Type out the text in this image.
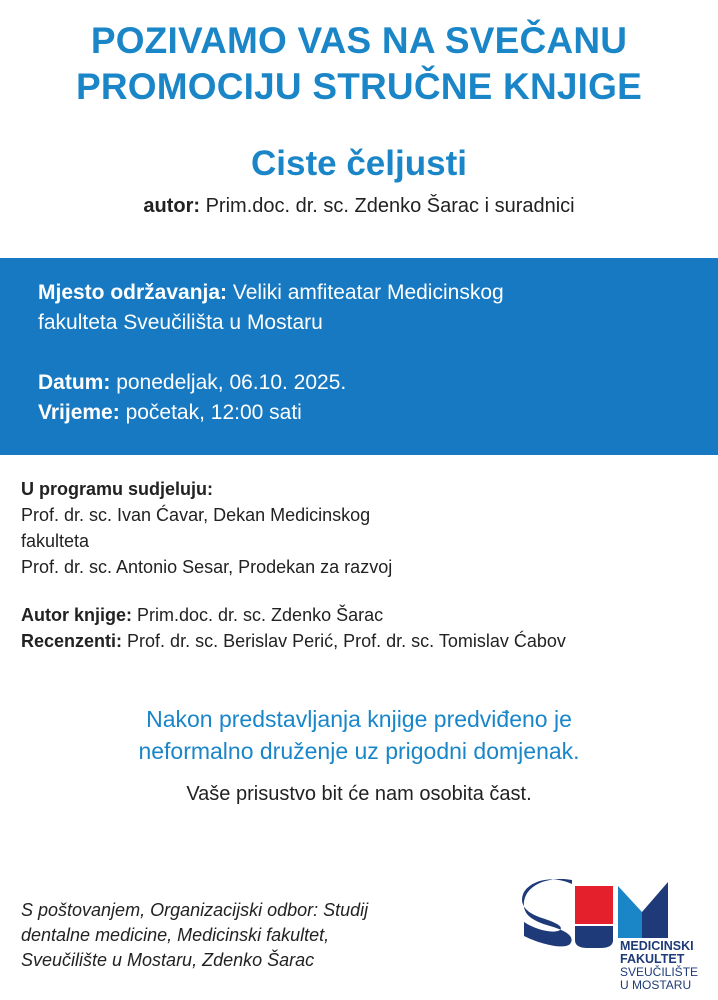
POZIVAMO VAS NA SVEČANU
PROMOCIJU STRUČNE KNJIGE
Ciste čeljusti
autor: Prim.doc. dr. sc. Zdenko Šarac i suradnici
Mjesto održavanja: Veliki amfiteatar Medicinskog
fakulteta Sveučilišta u Mostaru
Datum: ponedeljak, 06.10. 2025.
Vrijeme: početak, 12:00 sati
U programu sudjeluju:
Prof. dr. sc. Ivan Ćavar, Dekan Medicinskog
fakulteta
Prof. dr. sc. Antonio Sesar, Prodekan za razvoj
Autor knjige: Prim.doc. dr. sc. Zdenko Šarac
Recenzenti: Prof. dr. sc. Berislav Perić, Prof. dr. sc. Tomislav Ćabov
Nakon predstavljanja knjige predviđeno je
neformalno druženje uz prigodni domjenak.
Vaše prisustvo bit će nam osobita čast.
S poštovanjem, Organizacijski odbor: Studij
dentalne medicine, Medicinski fakultet,
Sveučilište u Mostaru, Zdenko Šarac
MEDICINSKI
FAKULTET
SVEUČILIŠTE
U MOSTARU
